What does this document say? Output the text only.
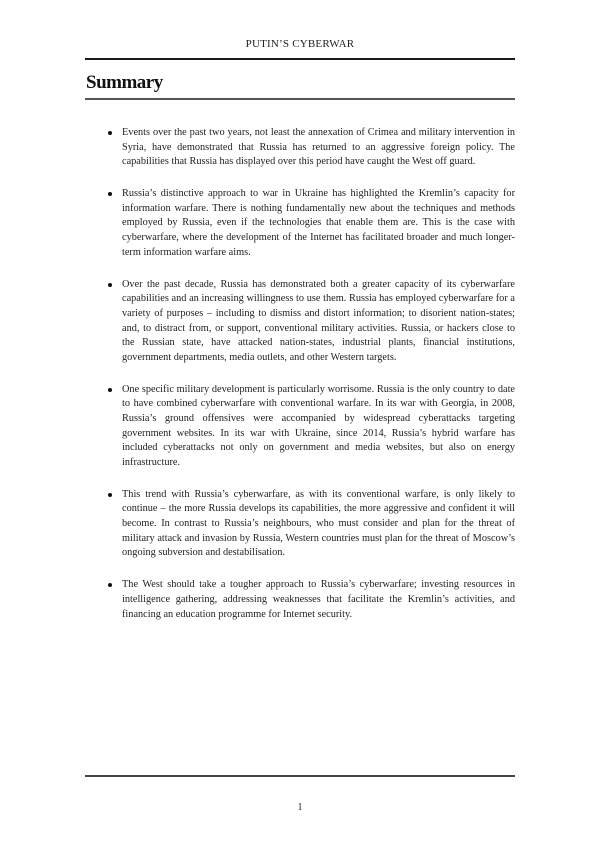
PUTIN’S CYBERWAR
Summary
Events over the past two years, not least the annexation of Crimea and military intervention in Syria, have demonstrated that Russia has returned to an aggressive foreign policy. The capabilities that Russia has displayed over this period have caught the West off guard.
Russia’s distinctive approach to war in Ukraine has highlighted the Kremlin’s capacity for information warfare. There is nothing fundamentally new about the techniques and methods employed by Russia, even if the technologies that enable them are. This is the case with cyberwarfare, where the development of the Internet has facilitated broader and much longer-term information warfare aims.
Over the past decade, Russia has demonstrated both a greater capacity of its cyberwarfare capabilities and an increasing willingness to use them. Russia has employed cyberwarfare for a variety of purposes – including to dismiss and distort information; to disorient nation-states; and, to distract from, or support, conventional military activities. Russia, or hackers close to the Russian state, have attacked nation-states, industrial plants, financial institutions, government departments, media outlets, and other Western targets.
One specific military development is particularly worrisome. Russia is the only country to date to have combined cyberwarfare with conventional warfare. In its war with Georgia, in 2008, Russia’s ground offensives were accompanied by widespread cyberattacks targeting government websites. In its war with Ukraine, since 2014, Russia’s hybrid warfare has included cyberattacks not only on government and media websites, but also on energy infrastructure.
This trend with Russia’s cyberwarfare, as with its conventional warfare, is only likely to continue – the more Russia develops its capabilities, the more aggressive and confident it will become. In contrast to Russia’s neighbours, who must consider and plan for the threat of military attack and invasion by Russia, Western countries must plan for the threat of Moscow’s ongoing subversion and destabilisation.
The West should take a tougher approach to Russia’s cyberwarfare; investing resources in intelligence gathering, addressing weaknesses that facilitate the Kremlin’s activities, and financing an education programme for Internet security.
1
